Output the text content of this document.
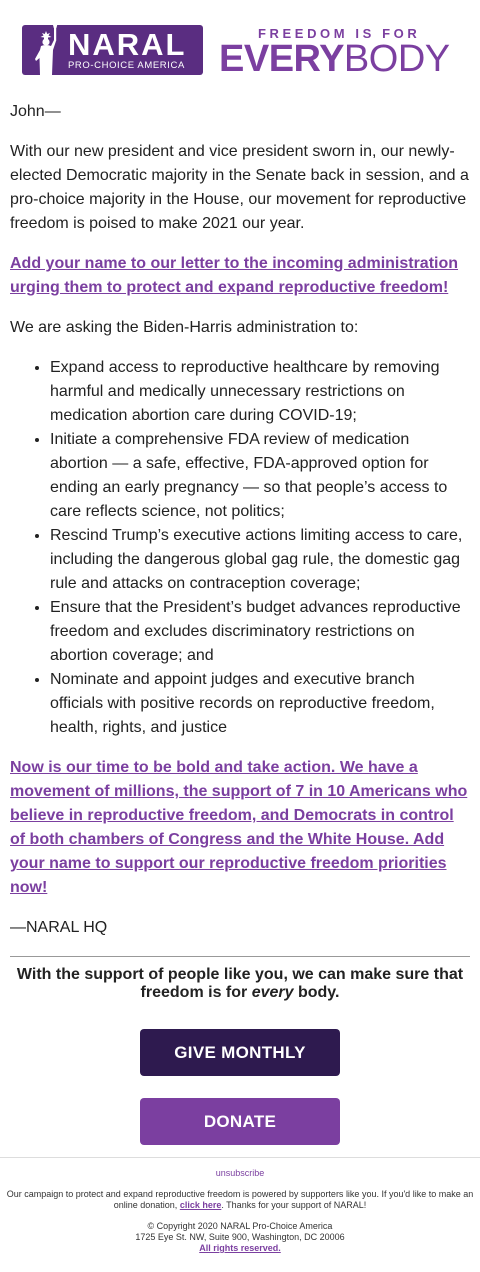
NARAL
PRO-CHOICE AMERICA
FREEDOM IS FOR
EVERYBODY

John—

With our new president and vice president sworn in, our newly-elected Democratic majority in the Senate back in session, and a pro-choice majority in the House, our movement for reproductive freedom is poised to make 2021 our year.

Add your name to our letter to the incoming administration urging them to protect and expand reproductive freedom!

We are asking the Biden-Harris administration to:

• Expand access to reproductive healthcare by removing harmful and medically unnecessary restrictions on medication abortion care during COVID-19;
• Initiate a comprehensive FDA review of medication abortion — a safe, effective, FDA-approved option for ending an early pregnancy — so that people’s access to care reflects science, not politics;
• Rescind Trump’s executive actions limiting access to care, including the dangerous global gag rule, the domestic gag rule and attacks on contraception coverage;
• Ensure that the President’s budget advances reproductive freedom and excludes discriminatory restrictions on abortion coverage; and
• Nominate and appoint judges and executive branch officials with positive records on reproductive freedom, health, rights, and justice

Now is our time to be bold and take action. We have a movement of millions, the support of 7 in 10 Americans who believe in reproductive freedom, and Democrats in control of both chambers of Congress and the White House. Add your name to support our reproductive freedom priorities now!

—NARAL HQ

With the support of people like you, we can make sure that freedom is for every body.
GIVE MONTHLY
DONATE
unsubscribe
Our campaign to protect and expand reproductive freedom is powered by supporters like you. If you'd like to make an online donation, click here. Thanks for your support of NARAL!
© Copyright 2020 NARAL Pro-Choice America
1725 Eye St. NW, Suite 900, Washington, DC 20006
All rights reserved.
